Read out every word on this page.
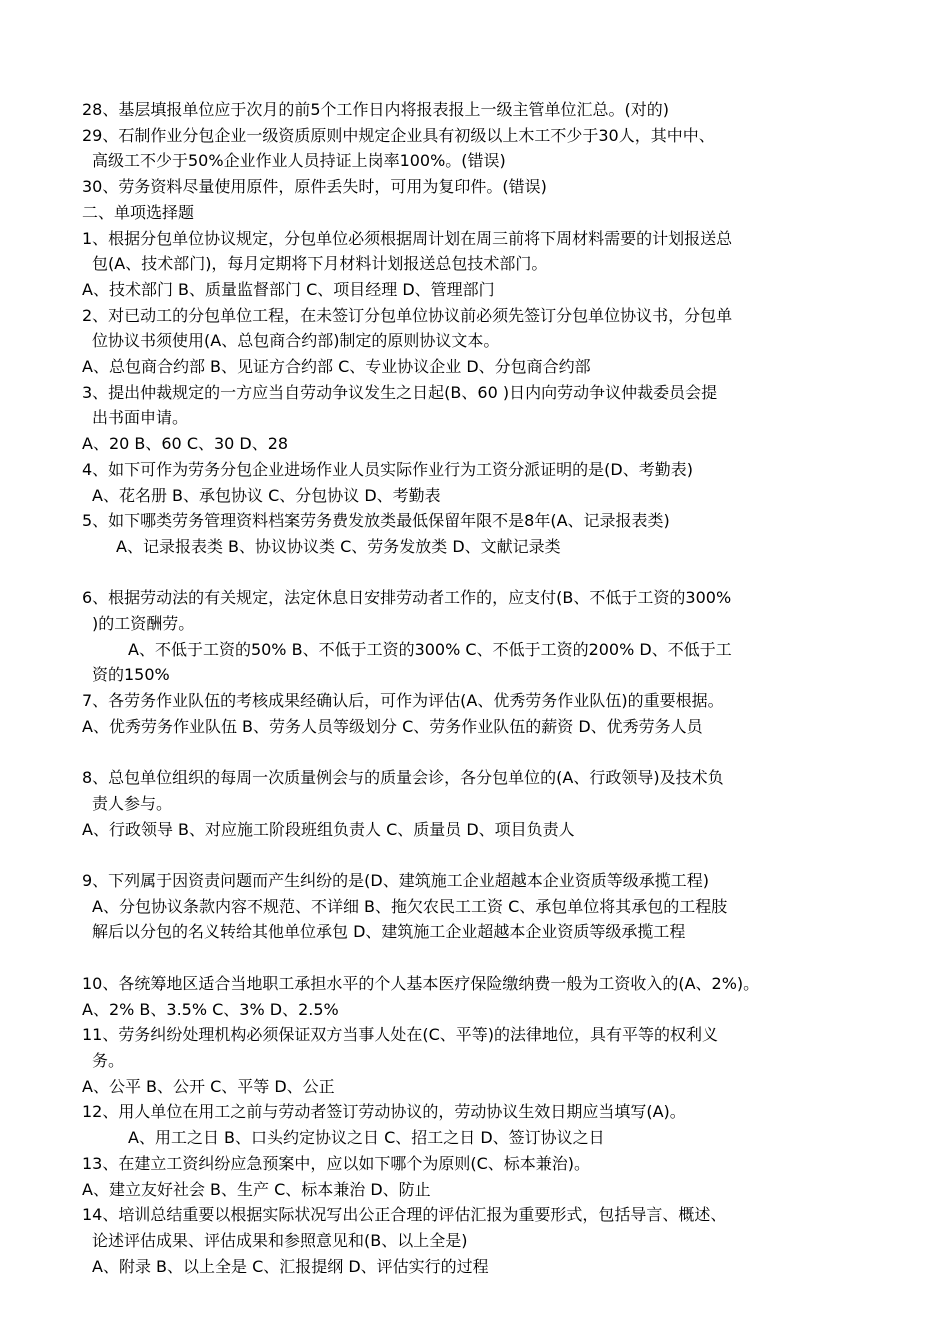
28、基层填报单位应于次月的前5个工作日内将报表报上一级主管单位汇总。(对的)
29、石制作业分包企业一级资质原则中规定企业具有初级以上木工不少于30人，其中中、
高级工不少于50%企业作业人员持证上岗率100%。(错误)
30、劳务资料尽量使用原件，原件丢失时，可用为复印件。(错误)
二、单项选择题
1、根据分包单位协议规定，分包单位必须根据周计划在周三前将下周材料需要的计划报送总
包(A、技术部门)，每月定期将下月材料计划报送总包技术部门。
A、技术部门 B、质量监督部门 C、项目经理 D、管理部门
2、对已动工的分包单位工程，在未签订分包单位协议前必须先签订分包单位协议书，分包单
位协议书须使用(A、总包商合约部)制定的原则协议文本。
A、总包商合约部 B、见证方合约部 C、专业协议企业 D、分包商合约部
3、提出仲裁规定的一方应当自劳动争议发生之日起(B、60 )日内向劳动争议仲裁委员会提
出书面申请。
A、20 B、60 C、30 D、28
4、如下可作为劳务分包企业进场作业人员实际作业行为工资分派证明的是(D、考勤表)
A、花名册 B、承包协议 C、分包协议 D、考勤表
5、如下哪类劳务管理资料档案劳务费发放类最低保留年限不是8年(A、记录报表类)
A、记录报表类 B、协议协议类 C、劳务发放类 D、文献记录类
6、根据劳动法的有关规定，法定休息日安排劳动者工作的，应支付(B、不低于工资的300%
)的工资酬劳。
A、不低于工资的50% B、不低于工资的300% C、不低于工资的200% D、不低于工
资的150%
7、各劳务作业队伍的考核成果经确认后，可作为评估(A、优秀劳务作业队伍)的重要根据。
A、优秀劳务作业队伍 B、劳务人员等级划分 C、劳务作业队伍的薪资 D、优秀劳务人员
8、总包单位组织的每周一次质量例会与的质量会诊，各分包单位的(A、行政领导)及技术负
责人参与。
A、行政领导 B、对应施工阶段班组负责人 C、质量员 D、项目负责人
9、下列属于因资责问题而产生纠纷的是(D、建筑施工企业超越本企业资质等级承揽工程)
A、分包协议条款内容不规范、不详细 B、拖欠农民工工资 C、承包单位将其承包的工程肢
解后以分包的名义转给其他单位承包 D、建筑施工企业超越本企业资质等级承揽工程
10、各统筹地区适合当地职工承担水平的个人基本医疗保险缴纳费一般为工资收入的(A、2%)。
A、2% B、3.5% C、3% D、2.5%
11、劳务纠纷处理机构必须保证双方当事人处在(C、平等)的法律地位，具有平等的权利义
务。
A、公平 B、公开 C、平等 D、公正
12、用人单位在用工之前与劳动者签订劳动协议的，劳动协议生效日期应当填写(A)。
A、用工之日 B、口头约定协议之日 C、招工之日 D、签订协议之日
13、在建立工资纠纷应急预案中，应以如下哪个为原则(C、标本兼治)。
A、建立友好社会 B、生产 C、标本兼治 D、防止
14、培训总结重要以根据实际状况写出公正合理的评估汇报为重要形式，包括导言、概述、
论述评估成果、评估成果和参照意见和(B、以上全是)
A、附录 B、以上全是 C、汇报提纲 D、评估实行的过程
